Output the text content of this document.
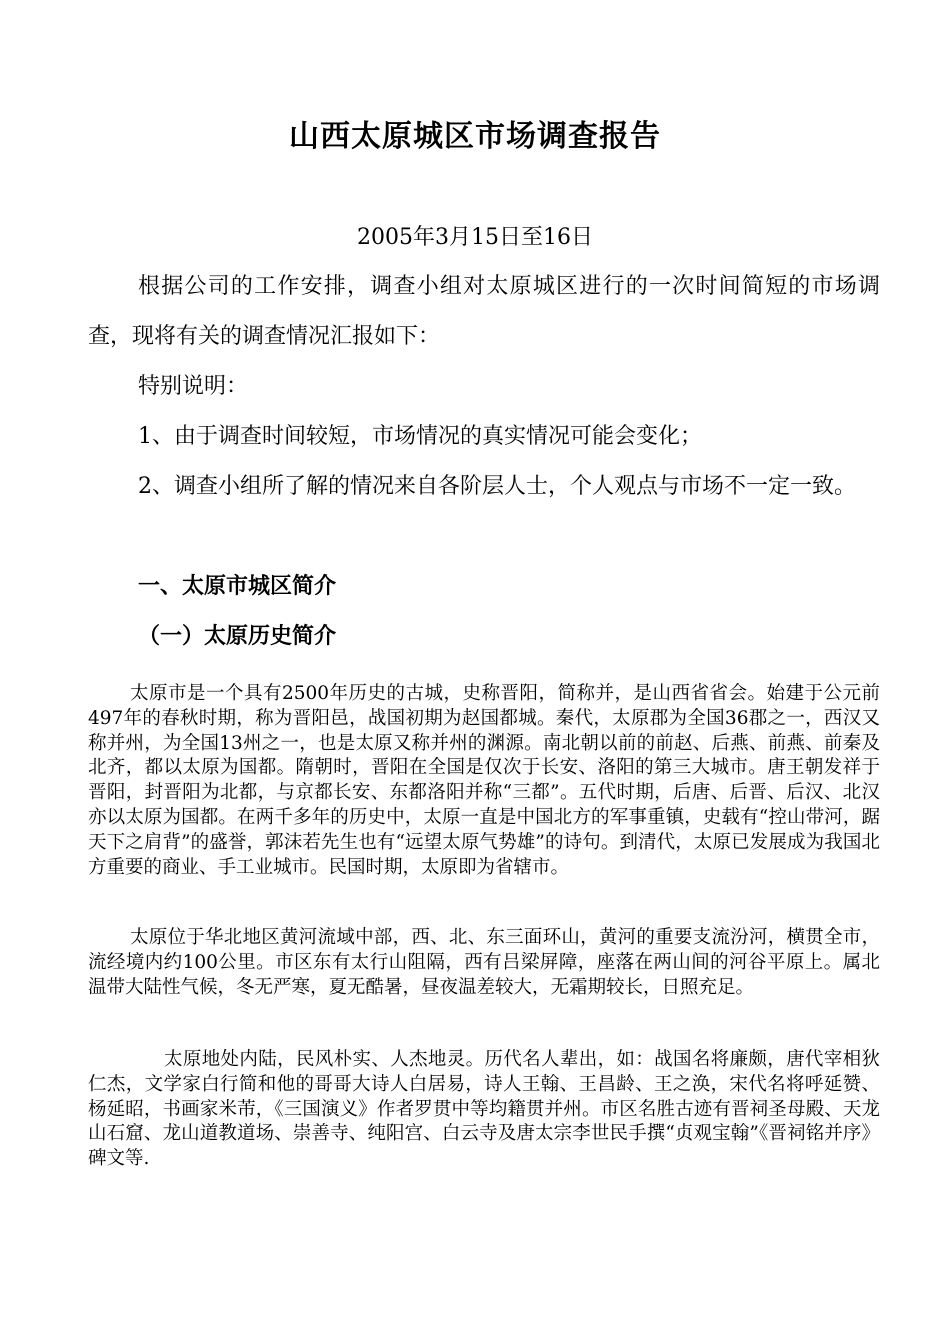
山西太原城区市场调查报告

2005年3月15日至16日

根据公司的工作安排，调查小组对太原城区进行的一次时间简短的市场调查，现将有关的调查情况汇报如下：

特别说明：

1、由于调查时间较短，市场情况的真实情况可能会变化；

2、调查小组所了解的情况来自各阶层人士，个人观点与市场不一定一致。

一、太原市城区简介
（一）太原历史简介

太原市是一个具有2500年历史的古城，史称晋阳，简称并，是山西省省会。始建于公元前497年的春秋时期，称为晋阳邑，战国初期为赵国都城。秦代，太原郡为全国36郡之一，西汉又称并州，为全国13州之一，也是太原又称并州的渊源。南北朝以前的前赵、后燕、前燕、前秦及北齐，都以太原为国都。隋朝时，晋阳在全国是仅次于长安、洛阳的第三大城市。唐王朝发祥于晋阳，封晋阳为北都，与京都长安、东都洛阳并称“三都”。五代时期，后唐、后晋、后汉、北汉亦以太原为国都。在两千多年的历史中，太原一直是中国北方的军事重镇，史载有“控山带河，踞天下之肩背”的盛誉，郭沫若先生也有“远望太原气势雄”的诗句。到清代，太原已发展成为我国北方重要的商业、手工业城市。民国时期，太原即为省辖市。

太原位于华北地区黄河流域中部，西、北、东三面环山，黄河的重要支流汾河，横贯全市，流经境内约100公里。市区东有太行山阻隔，西有吕梁屏障，座落在两山间的河谷平原上。属北温带大陆性气候，冬无严寒，夏无酷暑，昼夜温差较大，无霜期较长，日照充足。

太原地处内陆，民风朴实、人杰地灵。历代名人辈出，如：战国名将廉颇，唐代宰相狄仁杰，文学家白行简和他的哥哥大诗人白居易，诗人王翰、王昌龄、王之涣，宋代名将呼延赞、杨延昭，书画家米芾，《三国演义》作者罗贯中等均籍贯并州。市区名胜古迹有晋祠圣母殿、天龙山石窟、龙山道教道场、崇善寺、纯阳宫、白云寺及唐太宗李世民手撰“贞观宝翰”《晋祠铭并序》碑文等.
